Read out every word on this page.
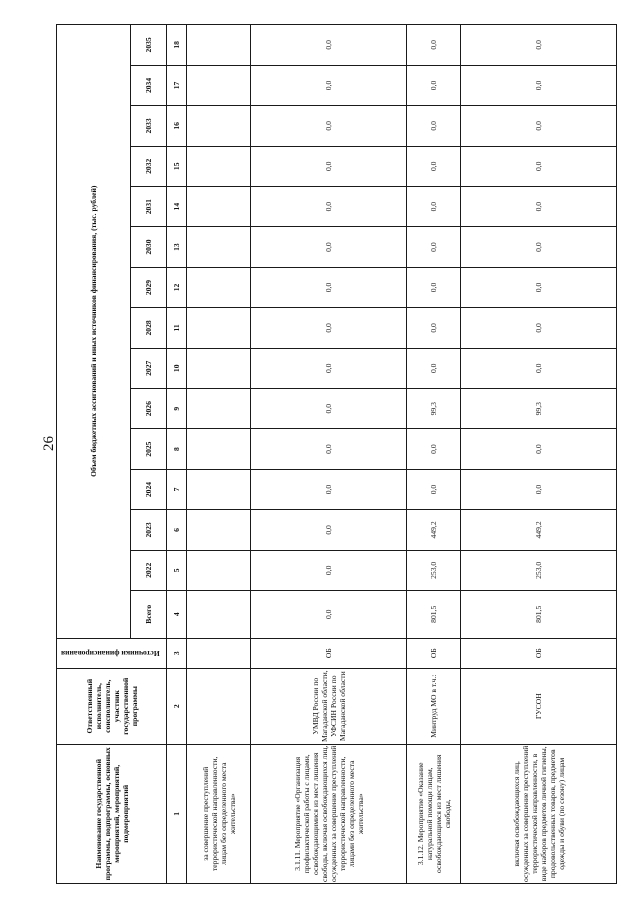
26
Наименование государственной программы, подпрограммы, основных мероприятий, мероприятий, подмероприятий	Ответственный исполнитель, соисполнитель, участник государственной программы	Источники финансирования	Объем бюджетных ассигнований и иных источников финансирования, (тыс. рублей)														
			Всего	2022	2023	2024	2025	2026	2027	2028	2029	2030	2031	2032	2033	2034	2035
1	2	3	4	5	6	7	8	9	10	11	12	13	14	15	16	17	18
за совершение преступлений террористической направленности, лицам без определенного места жительства»																	
3.1.11. Мероприятие «Организация профилактической работы с лицами, освобождающимися из мест лишения свободы, включая освобождающихся лиц, осужденных за совершение преступлений террористической направленности, лицами без определенного места жительства»	УМВД России по Магаданской области, УФСИН России по Магаданской области	ОБ	0,0	0,0	0,0	0,0	0,0	0,0	0,0	0,0	0,0	0,0	0,0	0,0	0,0	0,0	0,0
3.1.12. Мероприятие «Оказание натуральной помощи лицам, освобождающимся из мест лишения свободы,	Минтруд МО в т.ч.:	ОБ	801,5	253,0	449,2	0,0	0,0	99,3	0,0	0,0	0,0	0,0	0,0	0,0	0,0	0,0	0,0
включая освобождающихся лиц, осужденных за совершение преступлений террористической направленности, в виде наборов предметов личной гигиены, продовольственных товаров, предметов одежды и обуви (по сезону) лицам	ГУСОН	ОБ	801,5	253,0	449,2	0,0	0,0	99,3	0,0	0,0	0,0	0,0	0,0	0,0	0,0	0,0	0,0
